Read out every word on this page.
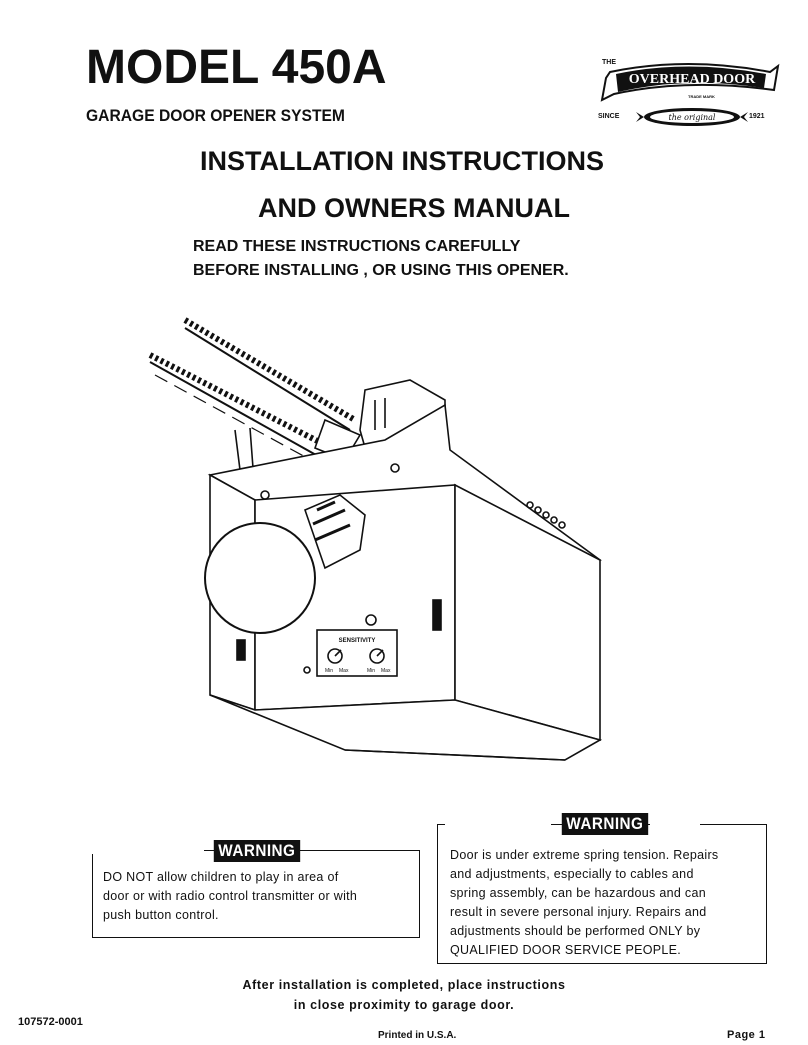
MODEL 450A
GARAGE DOOR OPENER SYSTEM
INSTALLATION INSTRUCTIONS
AND OWNERS MANUAL
READ THESE INSTRUCTIONS CAREFULLY
BEFORE INSTALLING , OR USING THIS OPENER.
THE
OVERHEAD DOOR
the original
TRADE MARK
SINCE	1921
SENSITIVITY
Min Max	Min Max
WARNING
DO NOT allow children to play in area of
door or with radio control transmitter or with
push button control.
WARNING
Door is under extreme spring tension. Repairs
and adjustments, especially to cables and
spring assembly, can be hazardous and can
result in severe personal injury. Repairs and
adjustments should be performed ONLY by
QUALIFIED DOOR SERVICE PEOPLE.
After installation is completed, place instructions
in close proximity to garage door.
107572-0001
Printed in U.S.A.	Page 1
